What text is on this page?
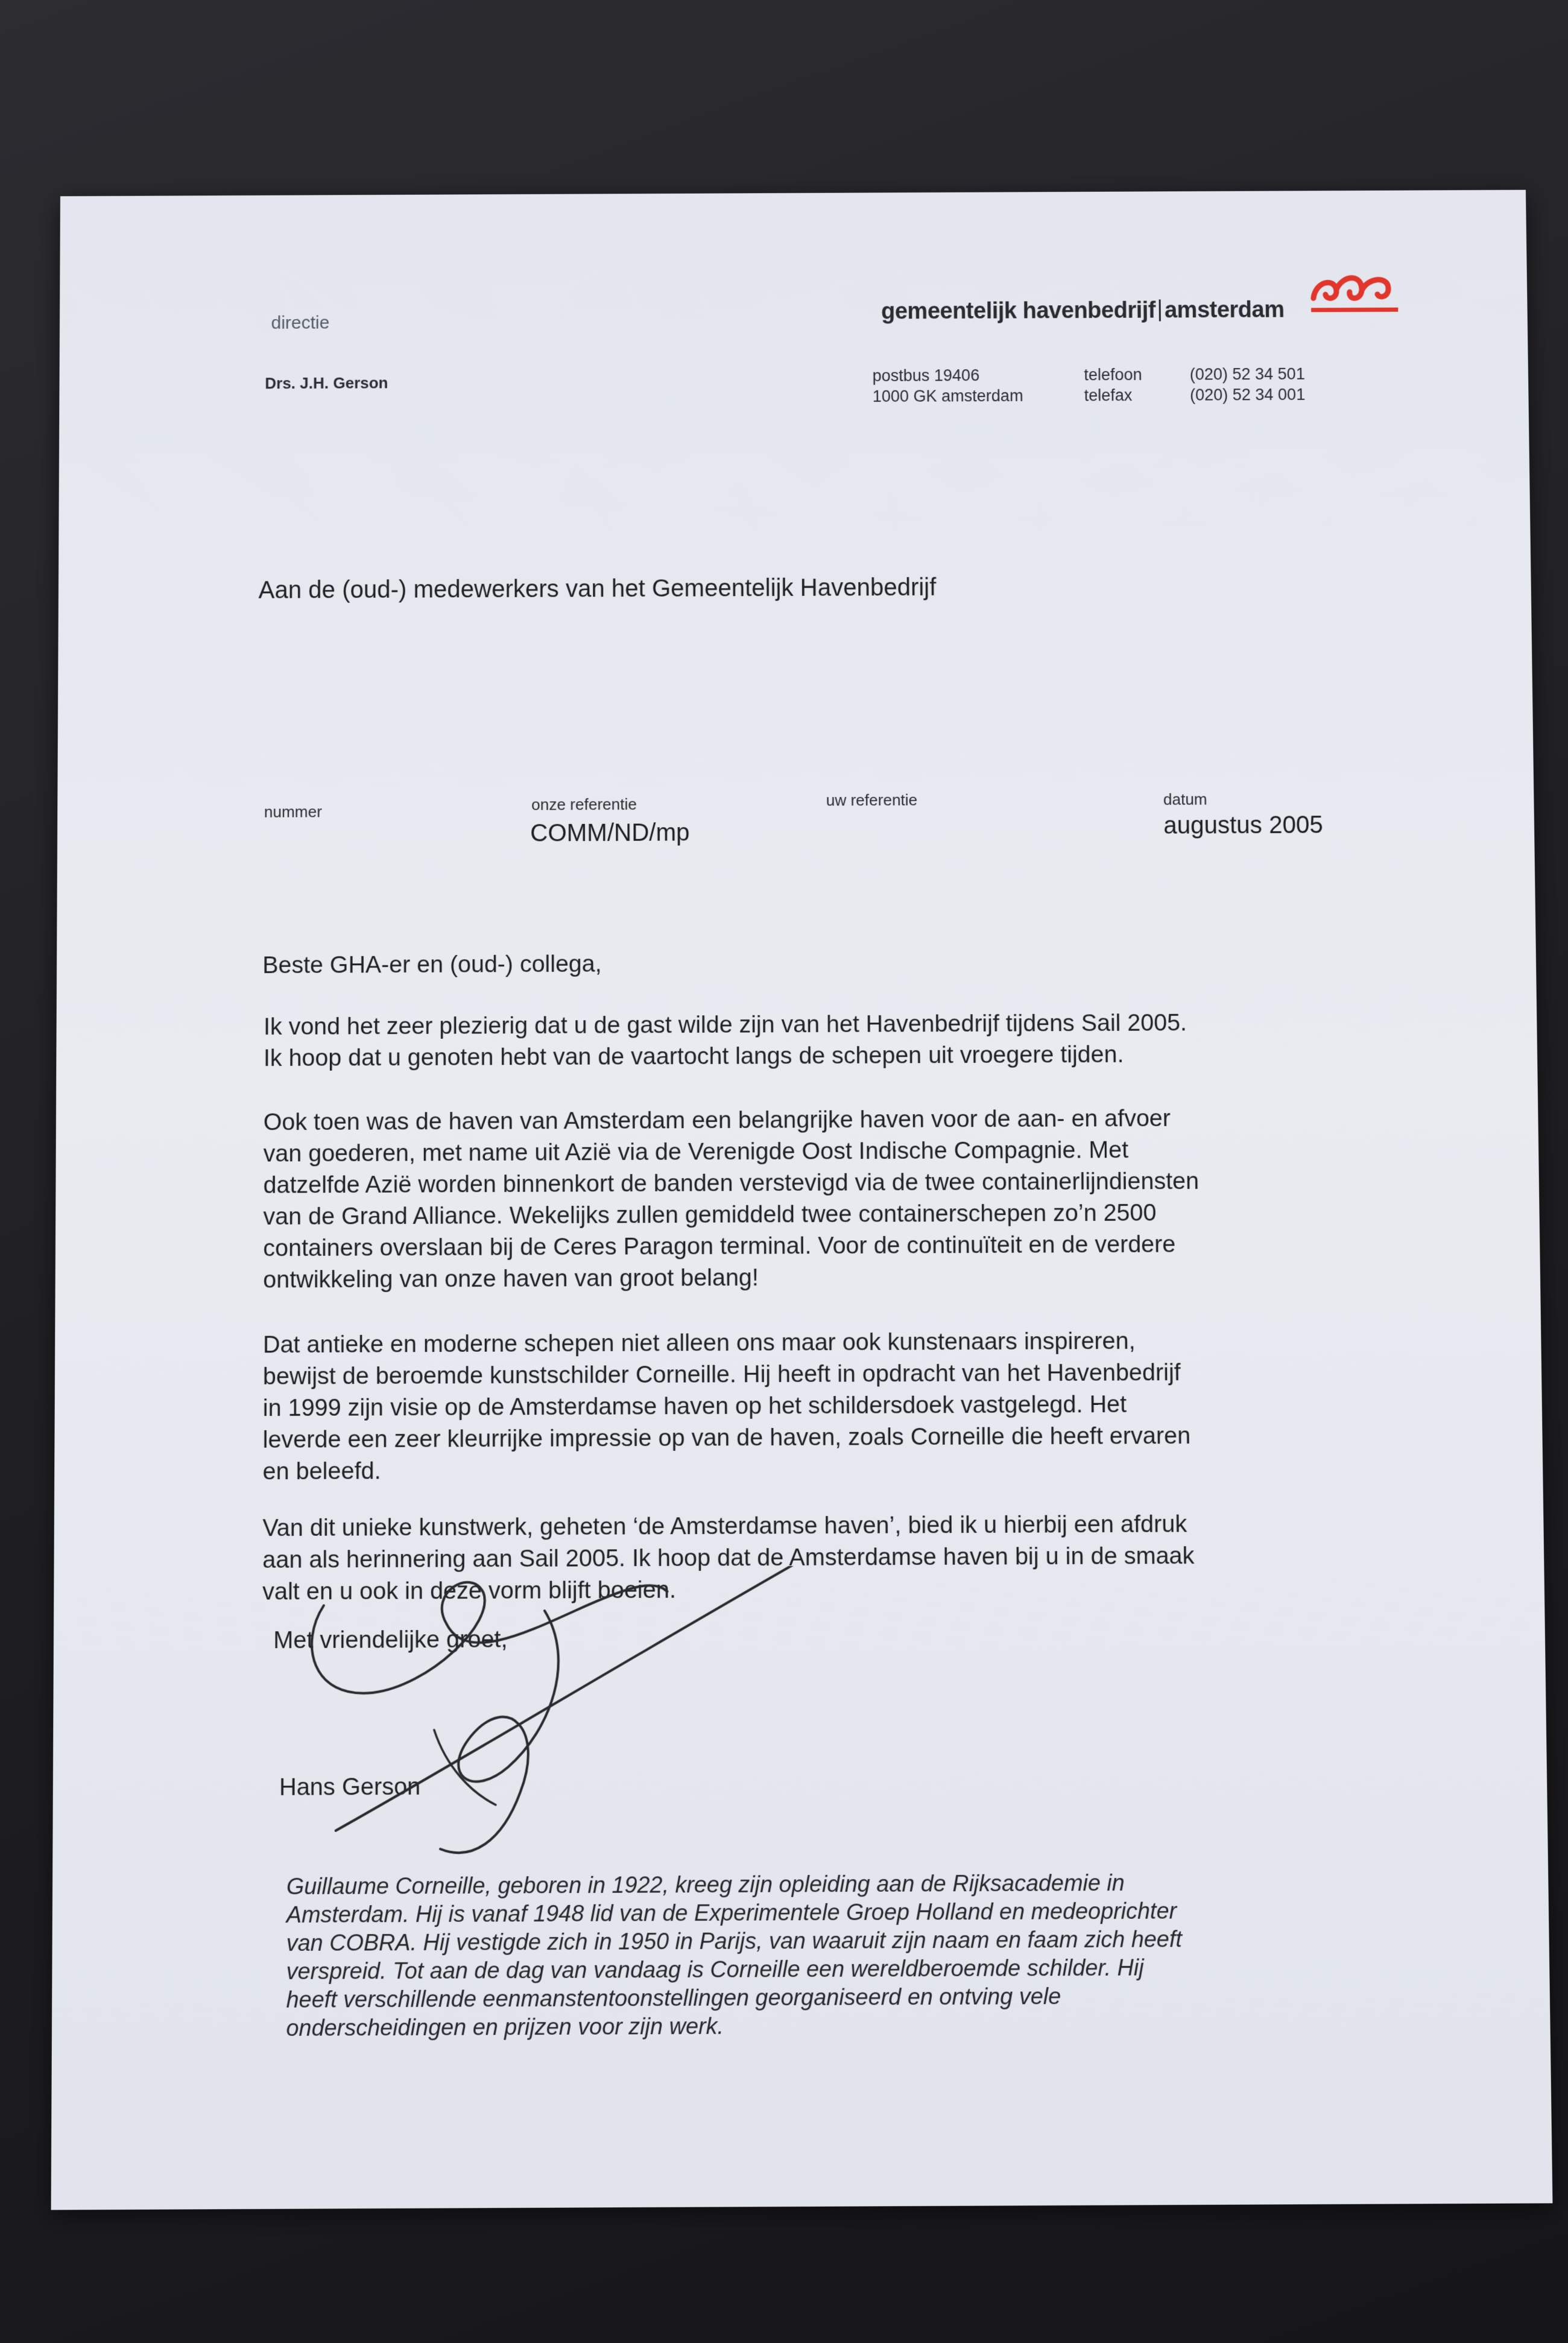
directie
Drs. J.H. Gerson
gemeentelijk havenbedrijf amsterdam
postbus 19406
1000 GK amsterdam
telefoon
telefax
(020) 52 34 501
(020) 52 34 001
Aan de (oud-) medewerkers van het Gemeentelijk Havenbedrijf
nummer	onze referentie
COMM/ND/mp
uw referentie	datum
augustus 2005
Beste GHA-er en (oud-) collega,
Ik vond het zeer plezierig dat u de gast wilde zijn van het Havenbedrijf tijdens Sail 2005.
Ik hoop dat u genoten hebt van de vaartocht langs de schepen uit vroegere tijden.
Ook toen was de haven van Amsterdam een belangrijke haven voor de aan- en afvoer
van goederen, met name uit Azië via de Verenigde Oost Indische Compagnie. Met
datzelfde Azië worden binnenkort de banden verstevigd via de twee containerlijndiensten
van de Grand Alliance. Wekelijks zullen gemiddeld twee containerschepen zo’n 2500
containers overslaan bij de Ceres Paragon terminal. Voor de continuïteit en de verdere
ontwikkeling van onze haven van groot belang!
Dat antieke en moderne schepen niet alleen ons maar ook kunstenaars inspireren,
bewijst de beroemde kunstschilder Corneille. Hij heeft in opdracht van het Havenbedrijf
in 1999 zijn visie op de Amsterdamse haven op het schildersdoek vastgelegd. Het
leverde een zeer kleurrijke impressie op van de haven, zoals Corneille die heeft ervaren
en beleefd.
Van dit unieke kunstwerk, geheten ‘de Amsterdamse haven’, bied ik u hierbij een afdruk
aan als herinnering aan Sail 2005. Ik hoop dat de Amsterdamse haven bij u in de smaak
valt en u ook in deze vorm blijft boeien.
Met vriendelijke groet,
Hans Gerson
Guillaume Corneille, geboren in 1922, kreeg zijn opleiding aan de Rijksacademie in
Amsterdam. Hij is vanaf 1948 lid van de Experimentele Groep Holland en medeoprichter
van COBRA. Hij vestigde zich in 1950 in Parijs, van waaruit zijn naam en faam zich heeft
verspreid. Tot aan de dag van vandaag is Corneille een wereldberoemde schilder. Hij
heeft verschillende eenmanstentoonstellingen georganiseerd en ontving vele
onderscheidingen en prijzen voor zijn werk.
